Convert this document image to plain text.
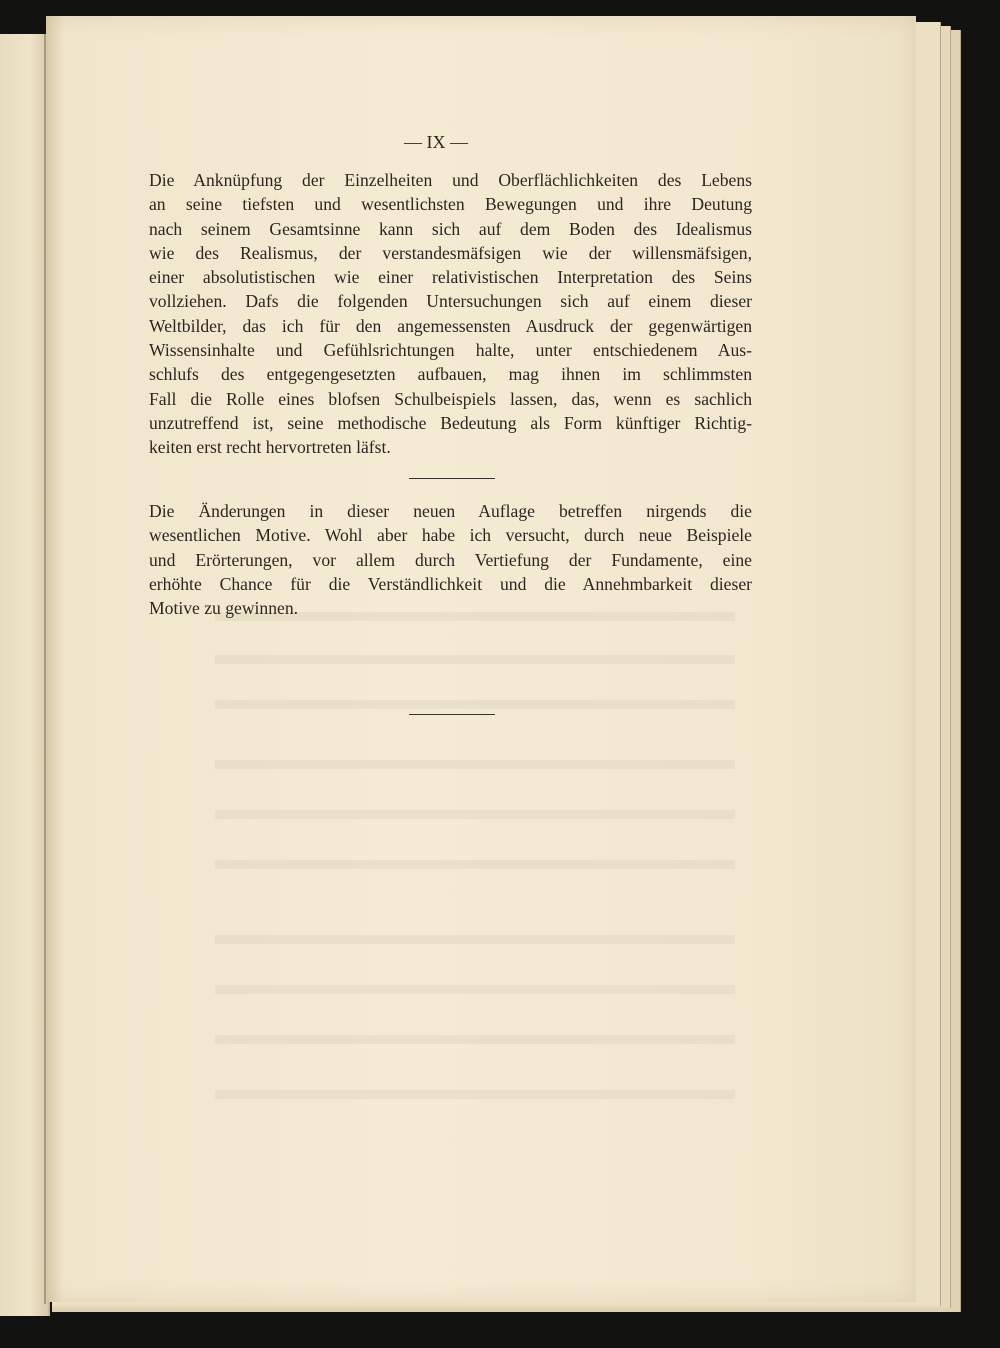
— IX —
Die Anknüpfung der Einzelheiten und Oberflächlichkeiten des Lebens
an seine tiefsten und wesentlichsten Bewegungen und ihre Deutung
nach seinem Gesamtsinne kann sich auf dem Boden des Idealismus
wie des Realismus, der verstandesmäfsigen wie der willensmäfsigen,
einer absolutistischen wie einer relativistischen Interpretation des Seins
vollziehen. Dafs die folgenden Untersuchungen sich auf einem dieser
Weltbilder, das ich für den angemessensten Ausdruck der gegenwärtigen
Wissensinhalte und Gefühlsrichtungen halte, unter entschiedenem Aus-
schlufs des entgegengesetzten aufbauen, mag ihnen im schlimmsten
Fall die Rolle eines blofsen Schulbeispiels lassen, das, wenn es sachlich
unzutreffend ist, seine methodische Bedeutung als Form künftiger Richtig-
keiten erst recht hervortreten läfst.
Die Änderungen in dieser neuen Auflage betreffen nirgends die
wesentlichen Motive. Wohl aber habe ich versucht, durch neue Beispiele
und Erörterungen, vor allem durch Vertiefung der Fundamente, eine
erhöhte Chance für die Verständlichkeit und die Annehmbarkeit dieser
Motive zu gewinnen.
